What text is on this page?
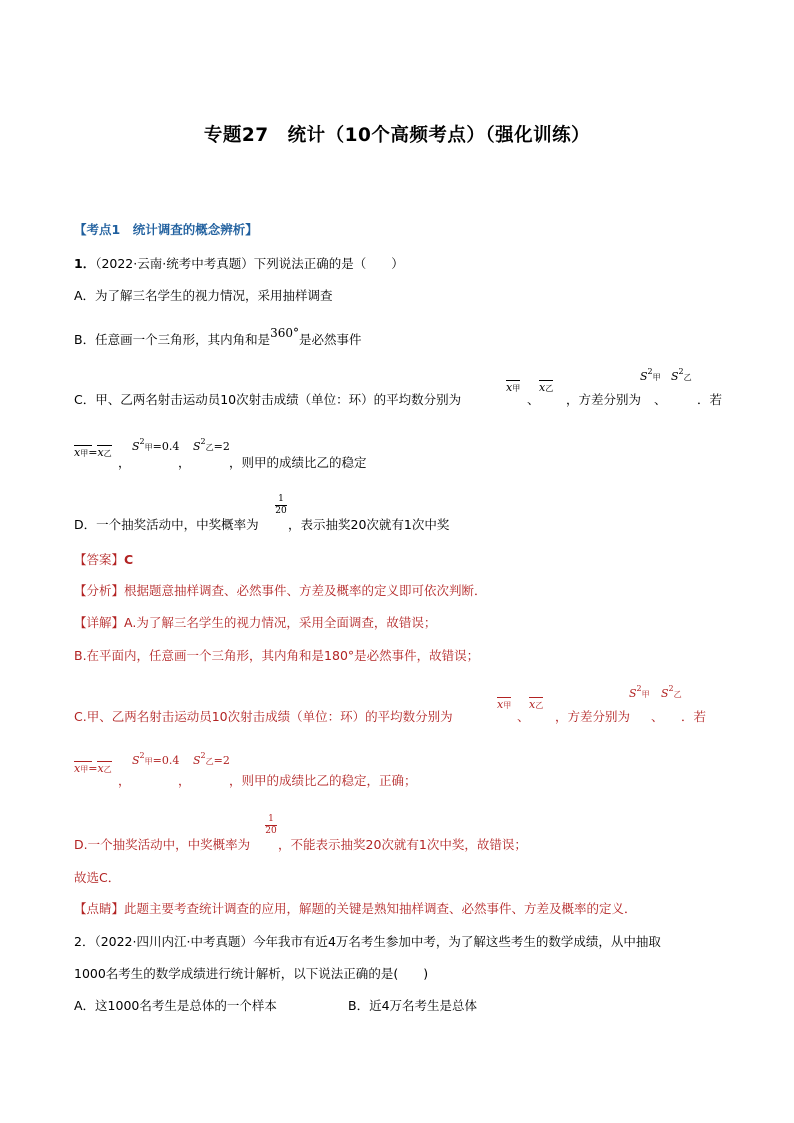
专题27　统计（10个高频考点）（强化训练）
【考点1　统计调查的概念辨析】
1．（2022·云南·统考中考真题）下列说法正确的是（　　）
A．为了解三名学生的视力情况，采用抽样调查
B．任意画一个三角形，其内角和是360°是必然事件
C．甲、乙两名射击运动员10次射击成绩（单位：环）的平均数分别为
x甲
、
x乙
，方差分别为
$S^2$甲
、
$S^2$乙
．若
x甲=
x乙
，
$S^2$甲=0.4
，
$S^2$乙=2
，则甲的成绩比乙的稳定
D．一个抽奖活动中，中奖概率为
$\frac{1}{20}$
，表示抽奖20次就有1次中奖
【答案】C
【分析】根据题意抽样调查、必然事件、方差及概率的定义即可依次判断．
【详解】A.为了解三名学生的视力情况，采用全面调查，故错误；
B.在平面内，任意画一个三角形，其内角和是180°是必然事件，故错误；
C.甲、乙两名射击运动员10次射击成绩（单位：环）的平均数分别为
x甲
、
x乙
，方差分别为
$S^2$甲
、
$S^2$乙
．若
x甲=
x乙
，
$S^2$甲=0.4
，
$S^2$乙=2
，则甲的成绩比乙的稳定，正确；
D.一个抽奖活动中，中奖概率为
$\frac{1}{20}$
，不能表示抽奖20次就有1次中奖，故错误；
故选C．
【点睛】此题主要考查统计调查的应用，解题的关键是熟知抽样调查、必然事件、方差及概率的定义．
2．（2022·四川内江·中考真题）今年我市有近4万名考生参加中考，为了解这些考生的数学成绩，从中抽取
1000名考生的数学成绩进行统计解析，以下说法正确的是(　　)
A．这1000名考生是总体的一个样本	B．近4万名考生是总体
